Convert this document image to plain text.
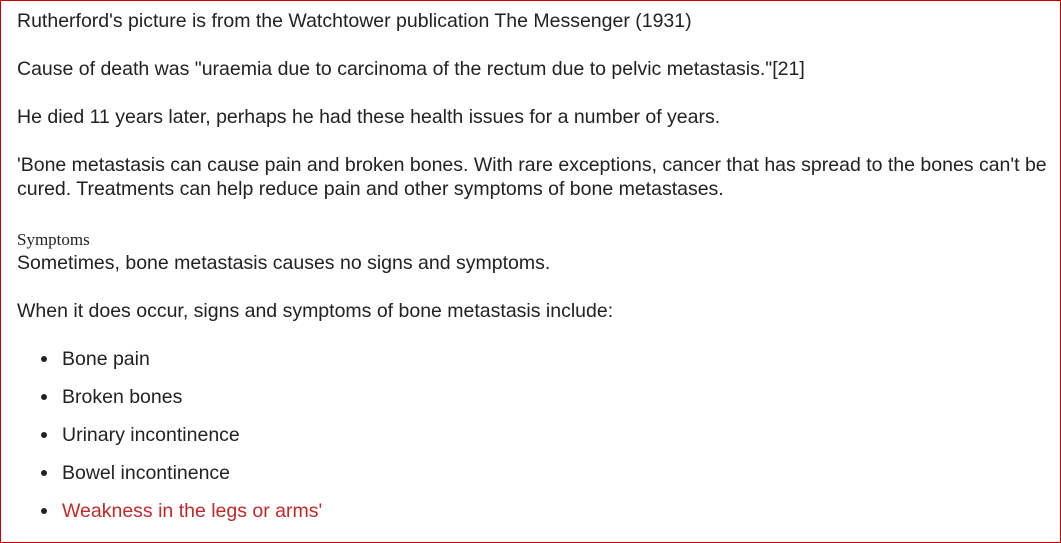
Rutherford's picture is from the Watchtower publication The Messenger (1931)

Cause of death was "uraemia due to carcinoma of the rectum due to pelvic metastasis."[21]

He died 11 years later, perhaps he had these health issues for a number of years.

'Bone metastasis can cause pain and broken bones. With rare exceptions, cancer that has spread to the bones can't be cured. Treatments can help reduce pain and other symptoms of bone metastases.

Symptoms

Sometimes, bone metastasis causes no signs and symptoms.

When it does occur, signs and symptoms of bone metastasis include:

Bone pain
Broken bones
Urinary incontinence
Bowel incontinence
Weakness in the legs or arms'
